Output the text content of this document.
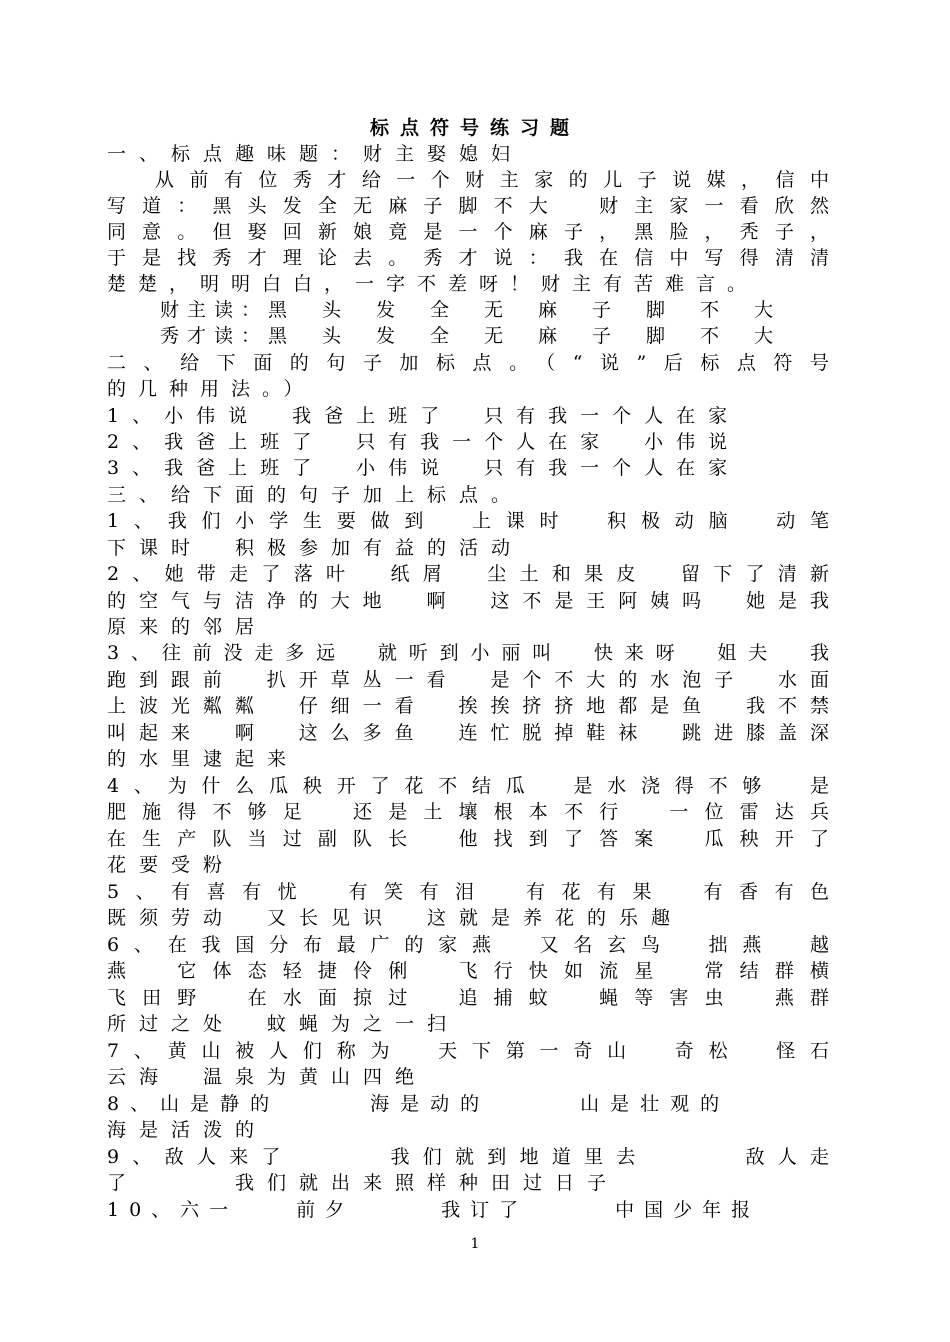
标点符号练习题
一、标点趣味题：财主娶媳妇
从前有位秀才给一个财主家的儿子说媒，信中
写道：黑头发全无麻子脚不大　财主家一看欣然
同意。但娶回新娘竟是一个麻子，黑脸，秃子，
于是找秀才理论去。秀才说：我在信中写得清清
楚楚，明明白白，一字不差呀！财主有苦难言。
财主读：黑　头　发　全　无　麻　子　脚　不　大
秀才读：黑　头　发　全　无　麻　子　脚　不　大
二、给下面的句子加标点。（“说”后标点符号
的几种用法。）
1、小伟说　我爸上班了　只有我一个人在家
2、我爸上班了　只有我一个人在家　小伟说
3、我爸上班了　小伟说　只有我一个人在家
三、给下面的句子加上标点。
1、我们小学生要做到　上课时　积极动脑　动笔
下课时　积极参加有益的活动
2、她带走了落叶　纸屑　尘土和果皮　留下了清新
的空气与洁净的大地　啊　这不是王阿姨吗　她是我
原来的邻居
3、往前没走多远　就听到小丽叫　快来呀　姐夫　我
跑到跟前　扒开草丛一看　是个不大的水泡子　水面
上波光粼粼　仔细一看　挨挨挤挤地都是鱼　我不禁
叫起来　啊　这么多鱼　连忙脱掉鞋袜　跳进膝盖深
的水里逮起来
4、为什么瓜秧开了花不结瓜　是水浇得不够　是
肥施得不够足　还是土壤根本不行　一位雷达兵
在生产队当过副队长　他找到了答案　瓜秧开了
花要受粉
5、有喜有忧　有笑有泪　有花有果　有香有色
既须劳动　又长见识　这就是养花的乐趣
6、在我国分布最广的家燕　又名玄鸟　拙燕　越
燕　它体态轻捷伶俐　飞行快如流星　常结群横
飞田野　在水面掠过　追捕蚊　蝇等害虫　燕群
所过之处　蚊蝇为之一扫
7、黄山被人们称为　天下第一奇山　奇松　怪石
云海　温泉为黄山四绝
8、山是静的　　　海是动的　　　山是壮观的
海是活泼的
9、敌人来了　　　我们就到地道里去　　　敌人走
了　　　我们就出来照样种田过日子
10、六一　　前夕　　　我订了　　　中国少年报
1
